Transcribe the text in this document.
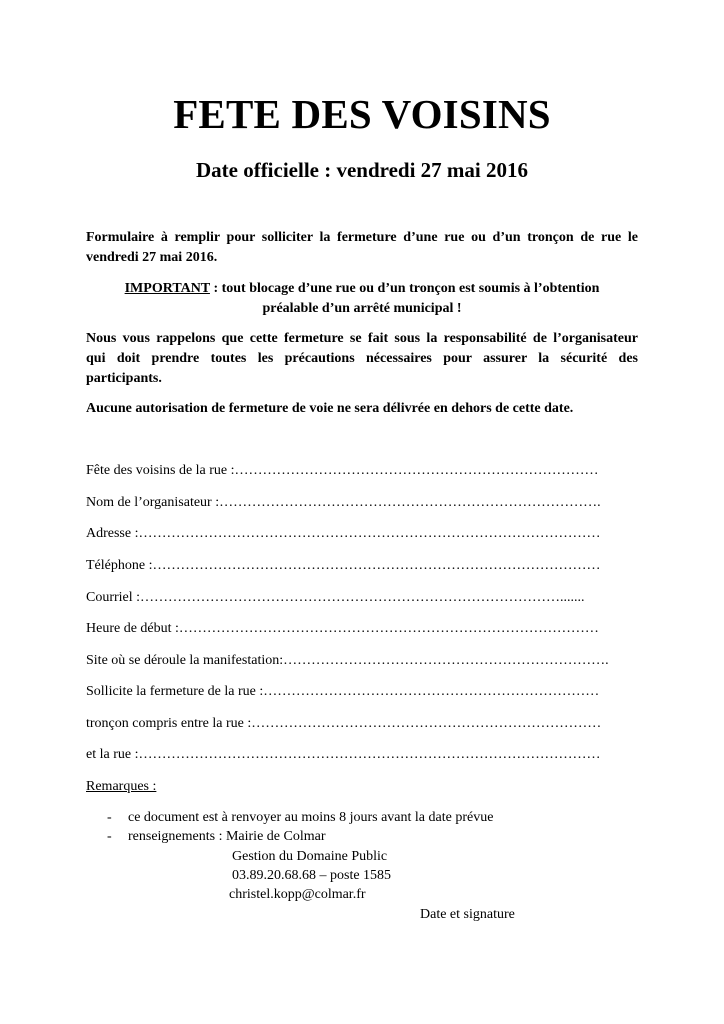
FETE DES VOISINS
Date officielle : vendredi 27 mai 2016

Formulaire à remplir pour solliciter la fermeture d’une rue ou d’un tronçon de rue le
vendredi 27 mai 2016.

IMPORTANT : tout blocage d’une rue ou d’un tronçon est soumis à l’obtention
préalable d’un arrêté municipal !

Nous vous rappelons que cette fermeture se fait sous la responsabilité de l’organisateur
qui doit prendre toutes les précautions nécessaires pour assurer la sécurité des
participants.

Aucune autorisation de fermeture de voie ne sera délivrée en dehors de cette date.

Fête des voisins de la rue :……………………………………………………………………

Nom de l’organisateur :……………………………………………………………………….

Adresse :………………………………………………………………………………………

Téléphone :……………………………………………………………………………………

Courriel :……………………………………………………………………………….......

Heure de début :………………………………………………………………………………

Site où se déroule la manifestation:…………………………………………………………….

Sollicite la fermeture de la rue :………………………………………………………………

tronçon compris entre la rue :…………………………………………………………………

et la rue :………………………………………………………………………………………

Remarques :

- ce document est à renvoyer au moins 8 jours avant la date prévue

- renseignements : Mairie de Colmar

Gestion du Domaine Public

03.89.20.68.68 – poste 1585

christel.kopp@colmar.fr

Date et signature
